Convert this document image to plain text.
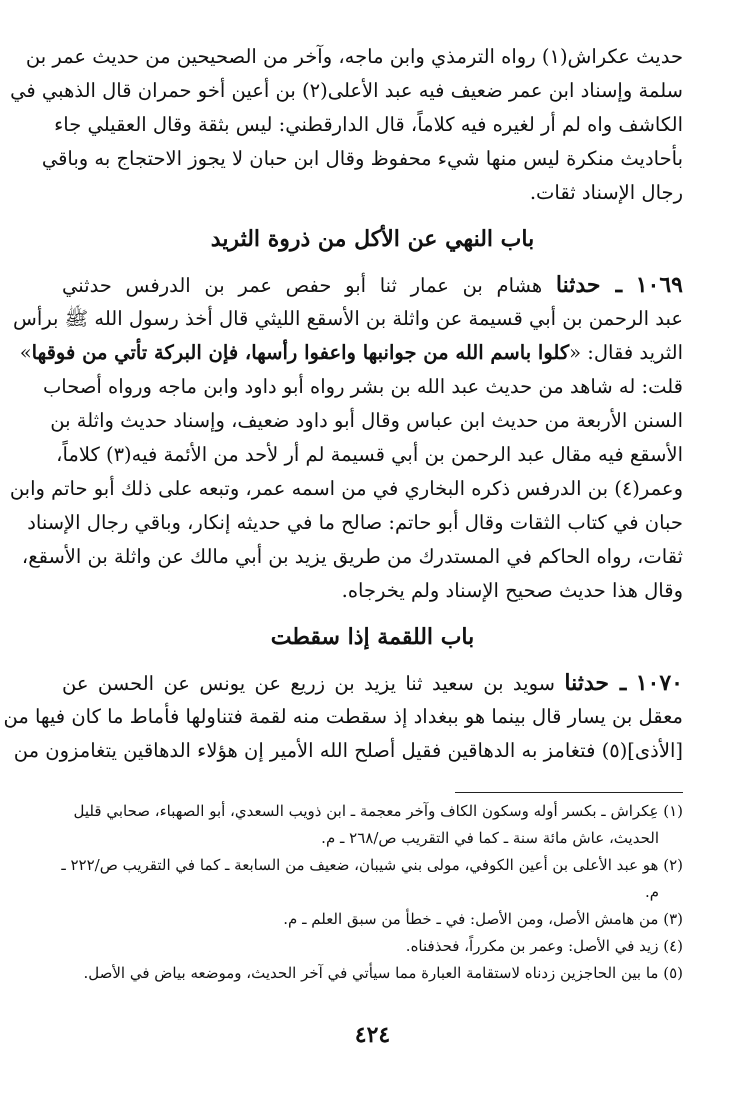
حديث عكراش(١) رواه الترمذي وابن ماجه، وآخر من الصحيحين من حديث عمر بن
سلمة وإسناد ابن عمر ضعيف فيه عبد الأعلى(٢) بن أعين أخو حمران قال الذهبي في
الكاشف واه لم أر لغيره فيه كلاماً، قال الدارقطني: ليس بثقة وقال العقيلي جاء
بأحاديث منكرة ليس منها شيء محفوظ وقال ابن حبان لا يجوز الاحتجاج به وباقي
رجال الإسناد ثقات.
باب النهي عن الأكل من ذروة الثريد
١٠٦٩ ـ حدثنا هشام بن عمار ثنا أبو حفص عمر بن الدرفس حدثني
عبد الرحمن بن أبي قسيمة عن واثلة بن الأسقع الليثي قال أخذ رسول الله ﷺ برأس
الثريد فقال: «كلوا باسم الله من جوانبها واعفوا رأسها، فإن البركة تأتي من فوقها»
قلت: له شاهد من حديث عبد الله بن بشر رواه أبو داود وابن ماجه ورواه أصحاب
السنن الأربعة من حديث ابن عباس وقال أبو داود ضعيف، وإسناد حديث واثلة بن
الأسقع فيه مقال عبد الرحمن بن أبي قسيمة لم أر لأحد من الأئمة فيه(٣) كلاماً،
وعمر(٤) بن الدرفس ذكره البخاري في من اسمه عمر، وتبعه على ذلك أبو حاتم وابن
حبان في كتاب الثقات وقال أبو حاتم: صالح ما في حديثه إنكار، وباقي رجال الإسناد
ثقات، رواه الحاكم في المستدرك من طريق يزيد بن أبي مالك عن واثلة بن الأسقع،
وقال هذا حديث صحيح الإسناد ولم يخرجاه.
باب اللقمة إذا سقطت
١٠٧٠ ـ حدثنا سويد بن سعيد ثنا يزيد بن زريع عن يونس عن الحسن عن
معقل بن يسار قال بينما هو ببغداد إذ سقطت منه لقمة فتناولها فأماط ما كان فيها من
[الأذى](٥) فتغامز به الدهاقين فقيل أصلح الله الأمير إن هؤلاء الدهاقين يتغامزون من
(١) عِكراش ـ بكسر أوله وسكون الكاف وآخر معجمة ـ ابن ذويب السعدي، أبو الصهباء، صحابي قليل
الحديث، عاش مائة سنة ـ كما في التقريب ص/٢٦٨ ـ م.
(٢) هو عبد الأعلى بن أعين الكوفي، مولى بني شيبان، ضعيف من السابعة ـ كما في التقريب ص/٢٢٢ ـ
م.
(٣) من هامش الأصل، ومن الأصل: في ـ خطأ من سبق العلم ـ م.
(٤) زيد في الأصل: وعمر بن مكرراً، فحذفناه.
(٥) ما بين الحاجزين زدناه لاستقامة العبارة مما سيأتي في آخر الحديث، وموضعه بياض في الأصل.
٤٢٤
